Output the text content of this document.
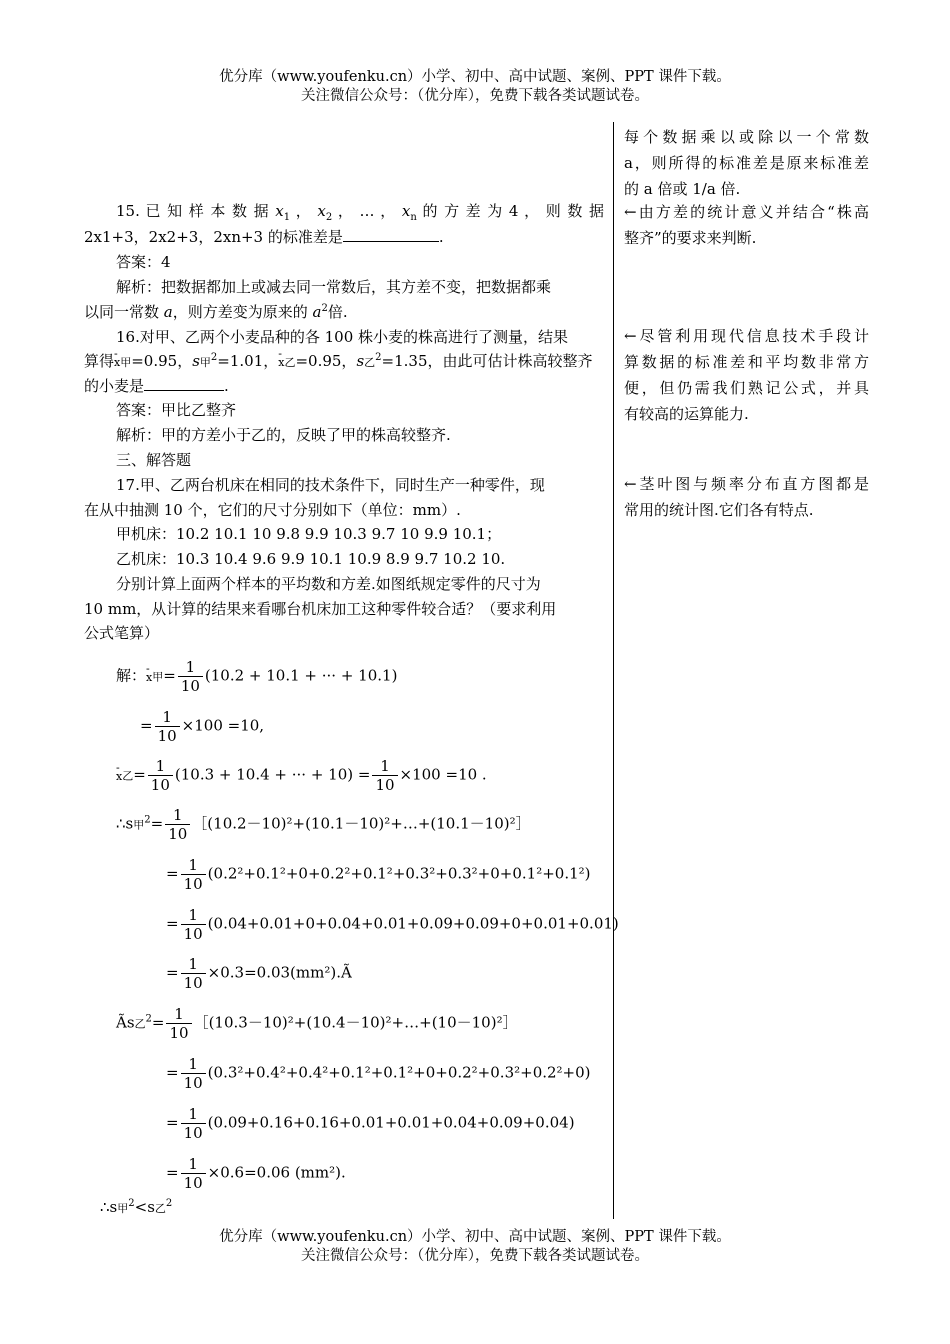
优分库（www.youfenku.cn）小学、初中、高中试题、案例、PPT 课件下载。
关注微信公众号：（优分库），免费下载各类试题试卷。
15. 已 知 样 本 数 据 $x_1$ ， $x_2$ ， … ， $x_n$ 的 方 差 为 4 ， 则 数 据
2x1+3，2x2+3，2xn+3 的标准差是	.
答案：4
解析：把数据都加上或减去同一常数后，其方差不变，把数据都乘
以同一常数 a，则方差变为原来的 $a^2$倍.
16.对甲、乙两个小麦品种的各 100 株小麦的株高进行了测量，结果
算得- x甲=0.95，s甲$^2$=1.01，- x乙=0.95，s乙$^2$=1.35，由此可估计株高较整齐
的小麦是	.
答案：甲比乙整齐
解析：甲的方差小于乙的，反映了甲的株高较整齐.
三、解答题
17.甲、乙两台机床在相同的技术条件下，同时生产一种零件，现
在从中抽测 10 个，它们的尺寸分别如下（单位：mm）.
甲机床：10.2 10.1 10 9.8 9.9 10.3 9.7 10 9.9 10.1；
乙机床：10.3 10.4 9.6 9.9 10.1 10.9 8.9 9.7 10.2 10.
分别计算上面两个样本的平均数和方差.如图纸规定零件的尺寸为
10 mm，从计算的结果来看哪台机床加工这种零件较合适？（要求利用
公式笔算）
解：- x甲= $\frac{1}{10} (10.2 + 10.1$ + ··· + 10.1)
= $\frac{1}{10} \times 100 =10$,
- x乙= $\frac{1}{10} (10.3 + 10.4$ + ··· + $10) = \frac{1}{10} \times 100 =10$ .
∴s甲$^2= \frac{1}{10}$ ［(10.2－10)²+(10.1－10)²+…+(10.1－10)²］
= $\frac{1}{10} (0.2^2+0.1^2+0+0.2^2+0.1^2+0.3^2+0.3^2+0+0.1^2+0.1^2)$
= $\frac{1}{10} (0.04+0.01+0+0.04+0.01+0.09+0.09+0+0.01+0.01)$
= $\frac{1}{10}$ ×0.3=0.03(mm²).Ã
Ãs乙$^2= \frac{1}{10}$ ［(10.3－10)²+(10.4－10)²+…+(10－10)²］
= $\frac{1}{10} (0.3^2+0.4^2+0.4^2+0.1^2+0.1^2+0+0.2^2+0.3^2+0.2^2+0)$
= $\frac{1}{10} (0.09+0.16+0.16+0.01+0.01+0.04+0.09+0.04)$
= $\frac{1}{10} \times 0.6=0.06$ (mm²).
∴s甲$^2$<s乙$^2$
每个数据乘以或除以一个常数
a，则所得的标准差是原来标准差
的 a 倍或 1/a 倍.
←由方差的统计意义并结合“株高
整齐”的要求来判断.
←尽管利用现代信息技术手段计
算数据的标准差和平均数非常方
便，但仍需我们熟记公式，并具
有较高的运算能力.
←茎叶图与频率分布直方图都是
常用的统计图.它们各有特点.
优分库（www.youfenku.cn）小学、初中、高中试题、案例、PPT 课件下载。
关注微信公众号：（优分库），免费下载各类试题试卷。
